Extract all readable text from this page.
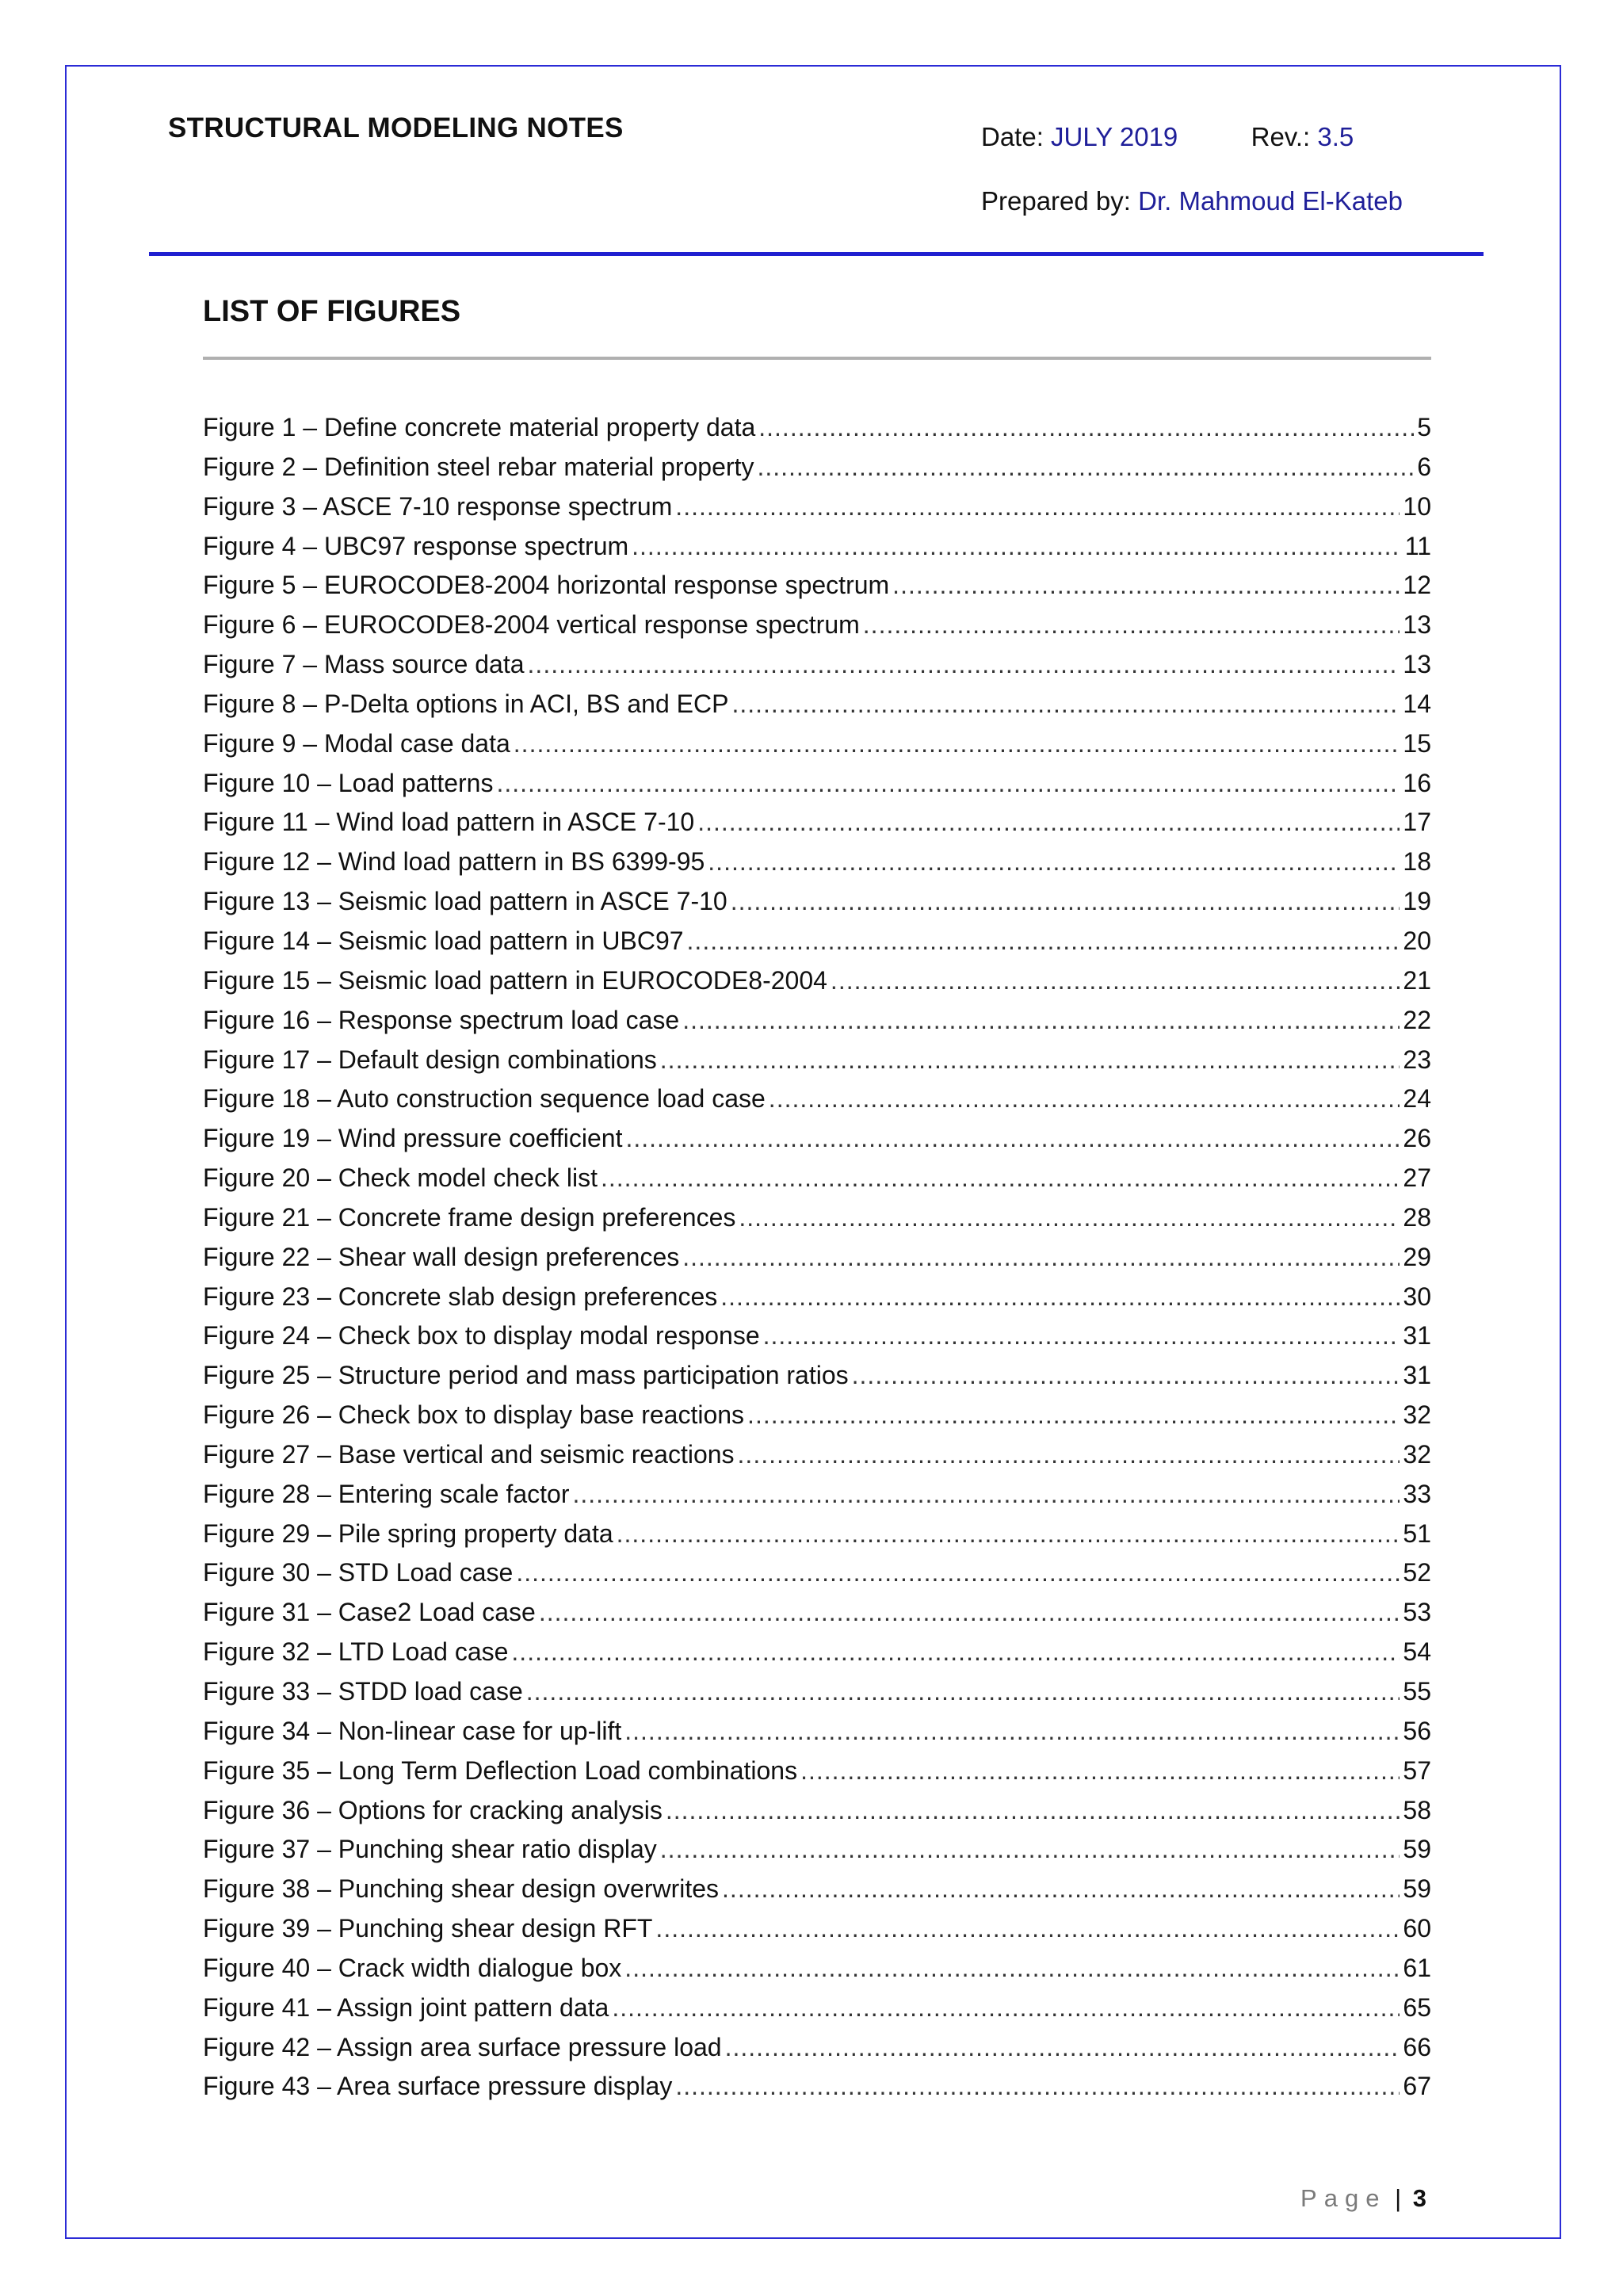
STRUCTURAL MODELING NOTES	Date: JULY 2019	Rev.: 3.5
Prepared by: Dr. Mahmoud El-Kateb
LIST OF FIGURES
Figure 1 – Define concrete material property data .....	5
Figure 2 – Definition steel rebar material property .....	6
Figure 3 – ASCE 7-10 response spectrum .....	10
Figure 4 – UBC97 response spectrum .....	11
Figure 5 – EUROCODE8-2004 horizontal response spectrum .....	12
Figure 6 – EUROCODE8-2004 vertical response spectrum .....	13
Figure 7 – Mass source data .....	13
Figure 8 – P-Delta options in ACI, BS and ECP .....	14
Figure 9 – Modal case data .....	15
Figure 10 – Load patterns .....	16
Figure 11 – Wind load pattern in ASCE 7-10 .....	17
Figure 12 – Wind load pattern in BS 6399-95 .....	18
Figure 13 – Seismic load pattern in ASCE 7-10 .....	19
Figure 14 – Seismic load pattern in UBC97 .....	20
Figure 15 – Seismic load pattern in EUROCODE8-2004 .....	21
Figure 16 – Response spectrum load case .....	22
Figure 17 – Default design combinations .....	23
Figure 18 – Auto construction sequence load case .....	24
Figure 19 – Wind pressure coefficient .....	26
Figure 20 – Check model check list .....	27
Figure 21 – Concrete frame design preferences .....	28
Figure 22 – Shear wall design preferences .....	29
Figure 23 – Concrete slab design preferences .....	30
Figure 24 – Check box to display modal response .....	31
Figure 25 – Structure period and mass participation ratios .....	31
Figure 26 – Check box to display base reactions .....	32
Figure 27 – Base vertical and seismic reactions .....	32
Figure 28 – Entering scale factor .....	33
Figure 29 – Pile spring property data .....	51
Figure 30 – STD Load case .....	52
Figure 31 – Case2 Load case .....	53
Figure 32 – LTD Load case .....	54
Figure 33 – STDD load case .....	55
Figure 34 – Non-linear case for up-lift .....	56
Figure 35 – Long Term Deflection Load combinations .....	57
Figure 36 – Options for cracking analysis .....	58
Figure 37 – Punching shear ratio display .....	59
Figure 38 – Punching shear design overwrites .....	59
Figure 39 – Punching shear design RFT .....	60
Figure 40 – Crack width dialogue box .....	61
Figure 41 – Assign joint pattern data .....	65
Figure 42 – Assign area surface pressure load .....	66
Figure 43 – Area surface pressure display .....	67
Page | 3
